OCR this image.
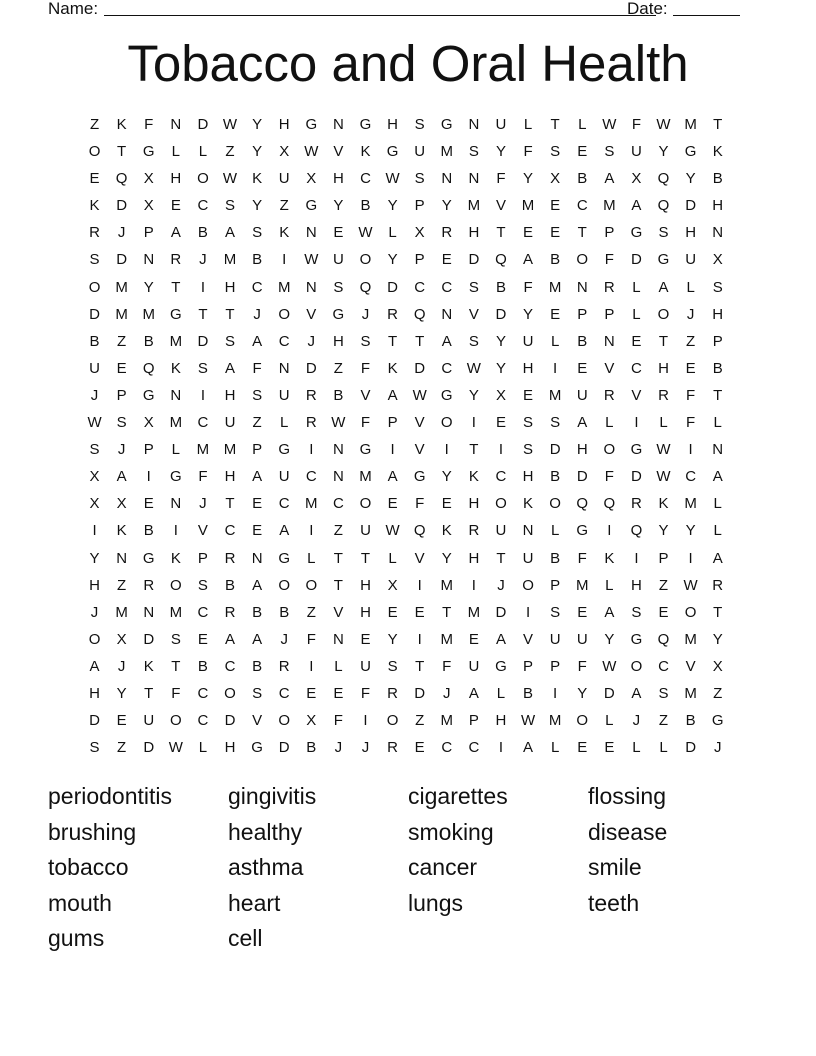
Name:	Date:
Tobacco and Oral Health
Z	K	F	N	D W	Y	H	G	N	G	H	S	G	N	U	L	T	L	W	F	W M	T
O	T	G	L	L	Z	Y	X	W	V	K	G	U	M	S	Y	F	S	E	S	U	Y	G	K
E	Q	X	H	O W	K	U	X	H	C W	S	N	N	F	Y	X	B	A	X	Q	Y	B
K	D	X	E	C	S	Y	Z	G	Y	B	Y	P	Y	M	V	M	E	C	M	A	Q	D	H
R	J	P	A	B	A	S	K	N	E	W	L	X	R	H	T	E	E	T	P	G	S	H	N
S	D	N	R	J	M	B	I	W U	O	Y	P	E	D	Q	A	B	O	F	D	G	U	X
O	M	Y	T	I	H	C	M	N	S	Q	D	C	C	S	B	F	M	N	R	L	A	L	S
D	M M	G	T	T	J	O	V	G	J	R	Q	N	V	D	Y	E	P	P	L	O	J	H
B	Z	B	M	D	S	A	C	J	H	S	T	T	A	S	Y	U	L	B	N	E	T	Z	P
U	E	Q	K	S	A	F	N	D	Z	F	K	D	C W	Y	H	I	E	V	C	H	E	B
J	P	G	N	I	H	S	U	R	B	V	A	W G	Y	X	E	M	U	R	V	R	F	T
W	S	X	M	C	U	Z	L	R W	F	P	V	O	I	E	S	S	A	L	I	L	F	L
S	J	P	L	M M	P	G	I	N	G	I	V	I	T	I	S	D	H	O	G W	I	N
X	A	I	G	F	H	A	U	C	N	M	A	G	Y	K	C	H	B	D	F	D W C	A
X	X	E	N	J	T	E	C	M	C	O	E	F	E	H	O	K	O	Q	Q	R	K	M	L
I	K	B	I	V	C	E	A	I	Z	U W Q	K	R	U	N	L	G	I	Q	Y	Y	L
Y	N	G	K	P	R	N	G	L	T	T	L	V	Y	H	T	U	B	F	K	I	P	I	A
H	Z	R	O	S	B	A	O	O	T	H	X	I	M	I	J	O	P	M	L	H	Z	W R
J	M	N	M	C	R	B	B	Z	V	H	E	E	T	M	D	I	S	E	A	S	E	O	T
O	X	D	S	E	A	A	J	F	N	E	Y	I	M	E	A	V	U	U	Y	G	Q	M	Y
A	J	K	T	B	C	B	R	I	L	U	S	T	F	U	G	P	P	F	W O	C	V	X
H	Y	T	F	C	O	S	C	E	E	F	R	D	J	A	L	B	I	Y	D	A	S	M	Z
D	E	U	O	C	D	V	O	X	F	I	O	Z	M	P	H W M	O	L	J	Z	B	G
S	Z	D W	L	H	G	D	B	J	J	R	E	C	C	I	A	L	E	E	L	L	D	J
periodontitis	gingivitis	cigarettes	flossing
brushing	healthy	smoking	disease
tobacco	asthma	cancer	smile
mouth	heart	lungs	teeth
gums	cell
